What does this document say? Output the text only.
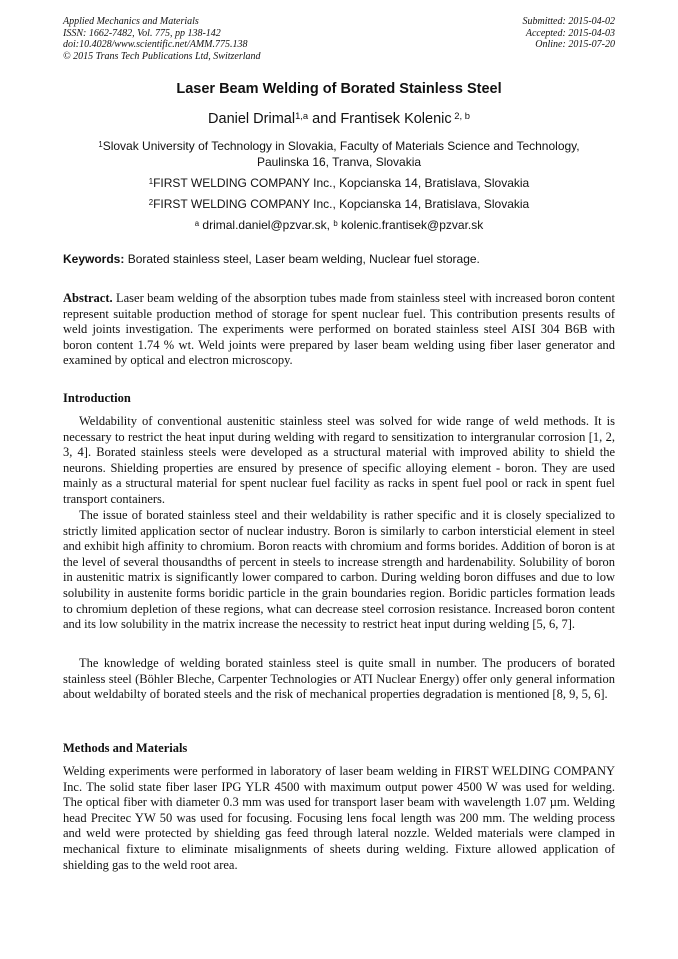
Applied Mechanics and Materials
ISSN: 1662-7482, Vol. 775, pp 138-142
doi:10.4028/www.scientific.net/AMM.775.138
© 2015 Trans Tech Publications Ltd, Switzerland
Submitted: 2015-04-02
Accepted: 2015-04-03
Online: 2015-07-20
Laser Beam Welding of Borated Stainless Steel
Daniel Drimal$^{1,a}$ and Frantisek Kolenic $^{2, b}$
$^1$Slovak University of Technology in Slovakia, Faculty of Materials Science and Technology,
Paulinska 16, Tranva, Slovakia
$^1$FIRST WELDING COMPANY Inc., Kopcianska 14, Bratislava, Slovakia
$^2$FIRST WELDING COMPANY Inc., Kopcianska 14, Bratislava, Slovakia
$^a$ drimal.daniel@pzvar.sk, $^b$ kolenic.frantisek@pzvar.sk
Keywords: Borated stainless steel, Laser beam welding, Nuclear fuel storage.
Abstract. Laser beam welding of the absorption tubes made from stainless steel with increased boron content represent suitable production method of storage for spent nuclear fuel. This contribution presents results of weld joints investigation. The experiments were performed on borated stainless steel AISI 304 B6B with boron content 1.74 % wt. Weld joints were prepared by laser beam welding using fiber laser generator and examined by optical and electron microscopy.
Introduction
Weldability of conventional austenitic stainless steel was solved for wide range of weld methods. It is necessary to restrict the heat input during welding with regard to sensitization to intergranular corrosion [1, 2, 3, 4]. Borated stainless steels were developed as a structural material with improved ability to shield the neurons. Shielding properties are ensured by presence of specific alloying element - boron. They are used mainly as a structural material for spent nuclear fuel facility as racks in spent fuel pool or rack in spent fuel transport containers.
The issue of borated stainless steel and their weldability is rather specific and it is closely specialized to strictly limited application sector of nuclear industry. Boron is similarly to carbon intersticial element in steel and exhibit high affinity to chromium. Boron reacts with chromium and forms borides. Addition of boron is at the level of several thousandths of percent in steels to increase strength and hardenability. Solubility of boron in austenitic matrix is significantly lower compared to carbon. During welding boron diffuses and due to low solubility in austenite forms boridic particle in the grain boundaries region. Boridic particles formation leads to chromium depletion of these regions, what can decrease steel corrosion resistance. Increased boron content and its low solubility in the matrix increase the necessity to restrict heat input during welding [5, 6, 7].
The knowledge of welding borated stainless steel is quite small in number. The producers of borated stainless steel (Böhler Bleche, Carpenter Technologies or ATI Nuclear Energy) offer only general information about weldabilty of borated steels and the risk of mechanical properties degradation is mentioned [8, 9, 5, 6].
Methods and Materials
Welding experiments were performed in laboratory of laser beam welding in FIRST WELDING COMPANY Inc. The solid state fiber laser IPG YLR 4500 with maximum output power 4500 W was used for welding. The optical fiber with diameter 0.3 mm was used for transport laser beam with wavelength 1.07 µm. Welding head Precitec YW 50 was used for focusing. Focusing lens focal length was 200 mm. The welding process and weld were protected by shielding gas feed through lateral nozzle. Welded materials were clamped in mechanical fixture to eliminate misalignments of sheets during welding. Fixture allowed application of shielding gas to the weld root area.
